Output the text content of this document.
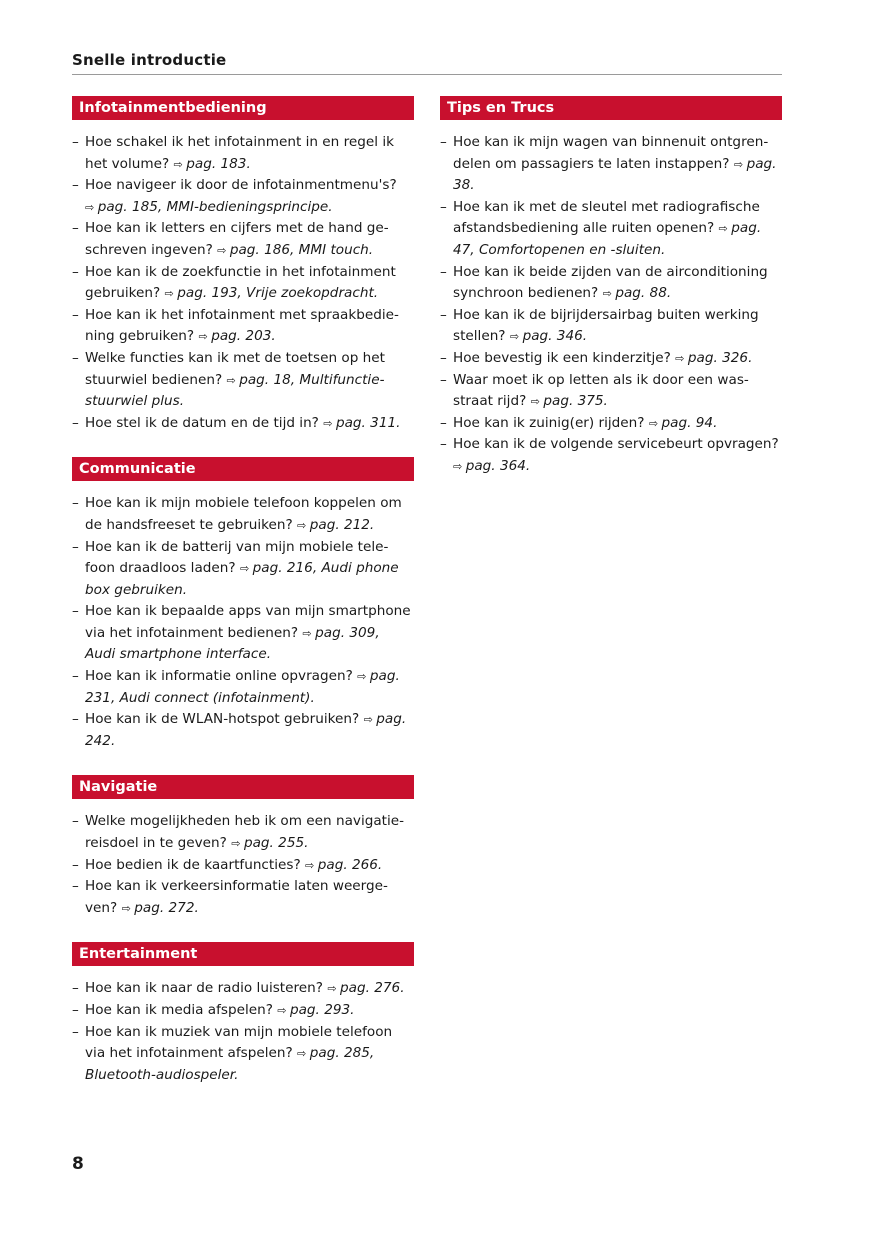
Snelle introductie
Infotainmentbediening
– Hoe schakel ik het infotainment in en regel ik het volume? ⇨ pag. 183.
– Hoe navigeer ik door de infotainmentmenu's? ⇨ pag. 185, MMI-bedieningsprincipe.
– Hoe kan ik letters en cijfers met de hand ge-schreven ingeven? ⇨ pag. 186, MMI touch.
– Hoe kan ik de zoekfunctie in het infotainment gebruiken? ⇨ pag. 193, Vrije zoekopdracht.
– Hoe kan ik het infotainment met spraakbedie-ning gebruiken? ⇨ pag. 203.
– Welke functies kan ik met de toetsen op het stuurwiel bedienen? ⇨ pag. 18, Multifunctie-stuurwiel plus.
– Hoe stel ik de datum en de tijd in? ⇨ pag. 311.
Communicatie
– Hoe kan ik mijn mobiele telefoon koppelen om de handsfreeset te gebruiken? ⇨ pag. 212.
– Hoe kan ik de batterij van mijn mobiele tele-foon draadloos laden? ⇨ pag. 216, Audi phone box gebruiken.
– Hoe kan ik bepaalde apps van mijn smartphone via het infotainment bedienen? ⇨ pag. 309, Audi smartphone interface.
– Hoe kan ik informatie online opvragen? ⇨ pag. 231, Audi connect (infotainment).
– Hoe kan ik de WLAN-hotspot gebruiken? ⇨ pag. 242.
Navigatie
– Welke mogelijkheden heb ik om een navigatie-reisdoel in te geven? ⇨ pag. 255.
– Hoe bedien ik de kaartfuncties? ⇨ pag. 266.
– Hoe kan ik verkeersinformatie laten weerge-ven? ⇨ pag. 272.
Entertainment
– Hoe kan ik naar de radio luisteren? ⇨ pag. 276.
– Hoe kan ik media afspelen? ⇨ pag. 293.
– Hoe kan ik muziek van mijn mobiele telefoon via het infotainment afspelen? ⇨ pag. 285, Bluetooth-audiospeler.
Tips en Trucs
– Hoe kan ik mijn wagen van binnenuit ontgren-delen om passagiers te laten instappen? ⇨ pag. 38.
– Hoe kan ik met de sleutel met radiografische afstandsbediening alle ruiten openen? ⇨ pag. 47, Comfortopenen en -sluiten.
– Hoe kan ik beide zijden van de airconditioning synchroon bedienen? ⇨ pag. 88.
– Hoe kan ik de bijrijdersairbag buiten werking stellen? ⇨ pag. 346.
– Hoe bevestig ik een kinderzitje? ⇨ pag. 326.
– Waar moet ik op letten als ik door een was-straat rijd? ⇨ pag. 375.
– Hoe kan ik zuinig(er) rijden? ⇨ pag. 94.
– Hoe kan ik de volgende servicebeurt opvragen? ⇨ pag. 364.
8
